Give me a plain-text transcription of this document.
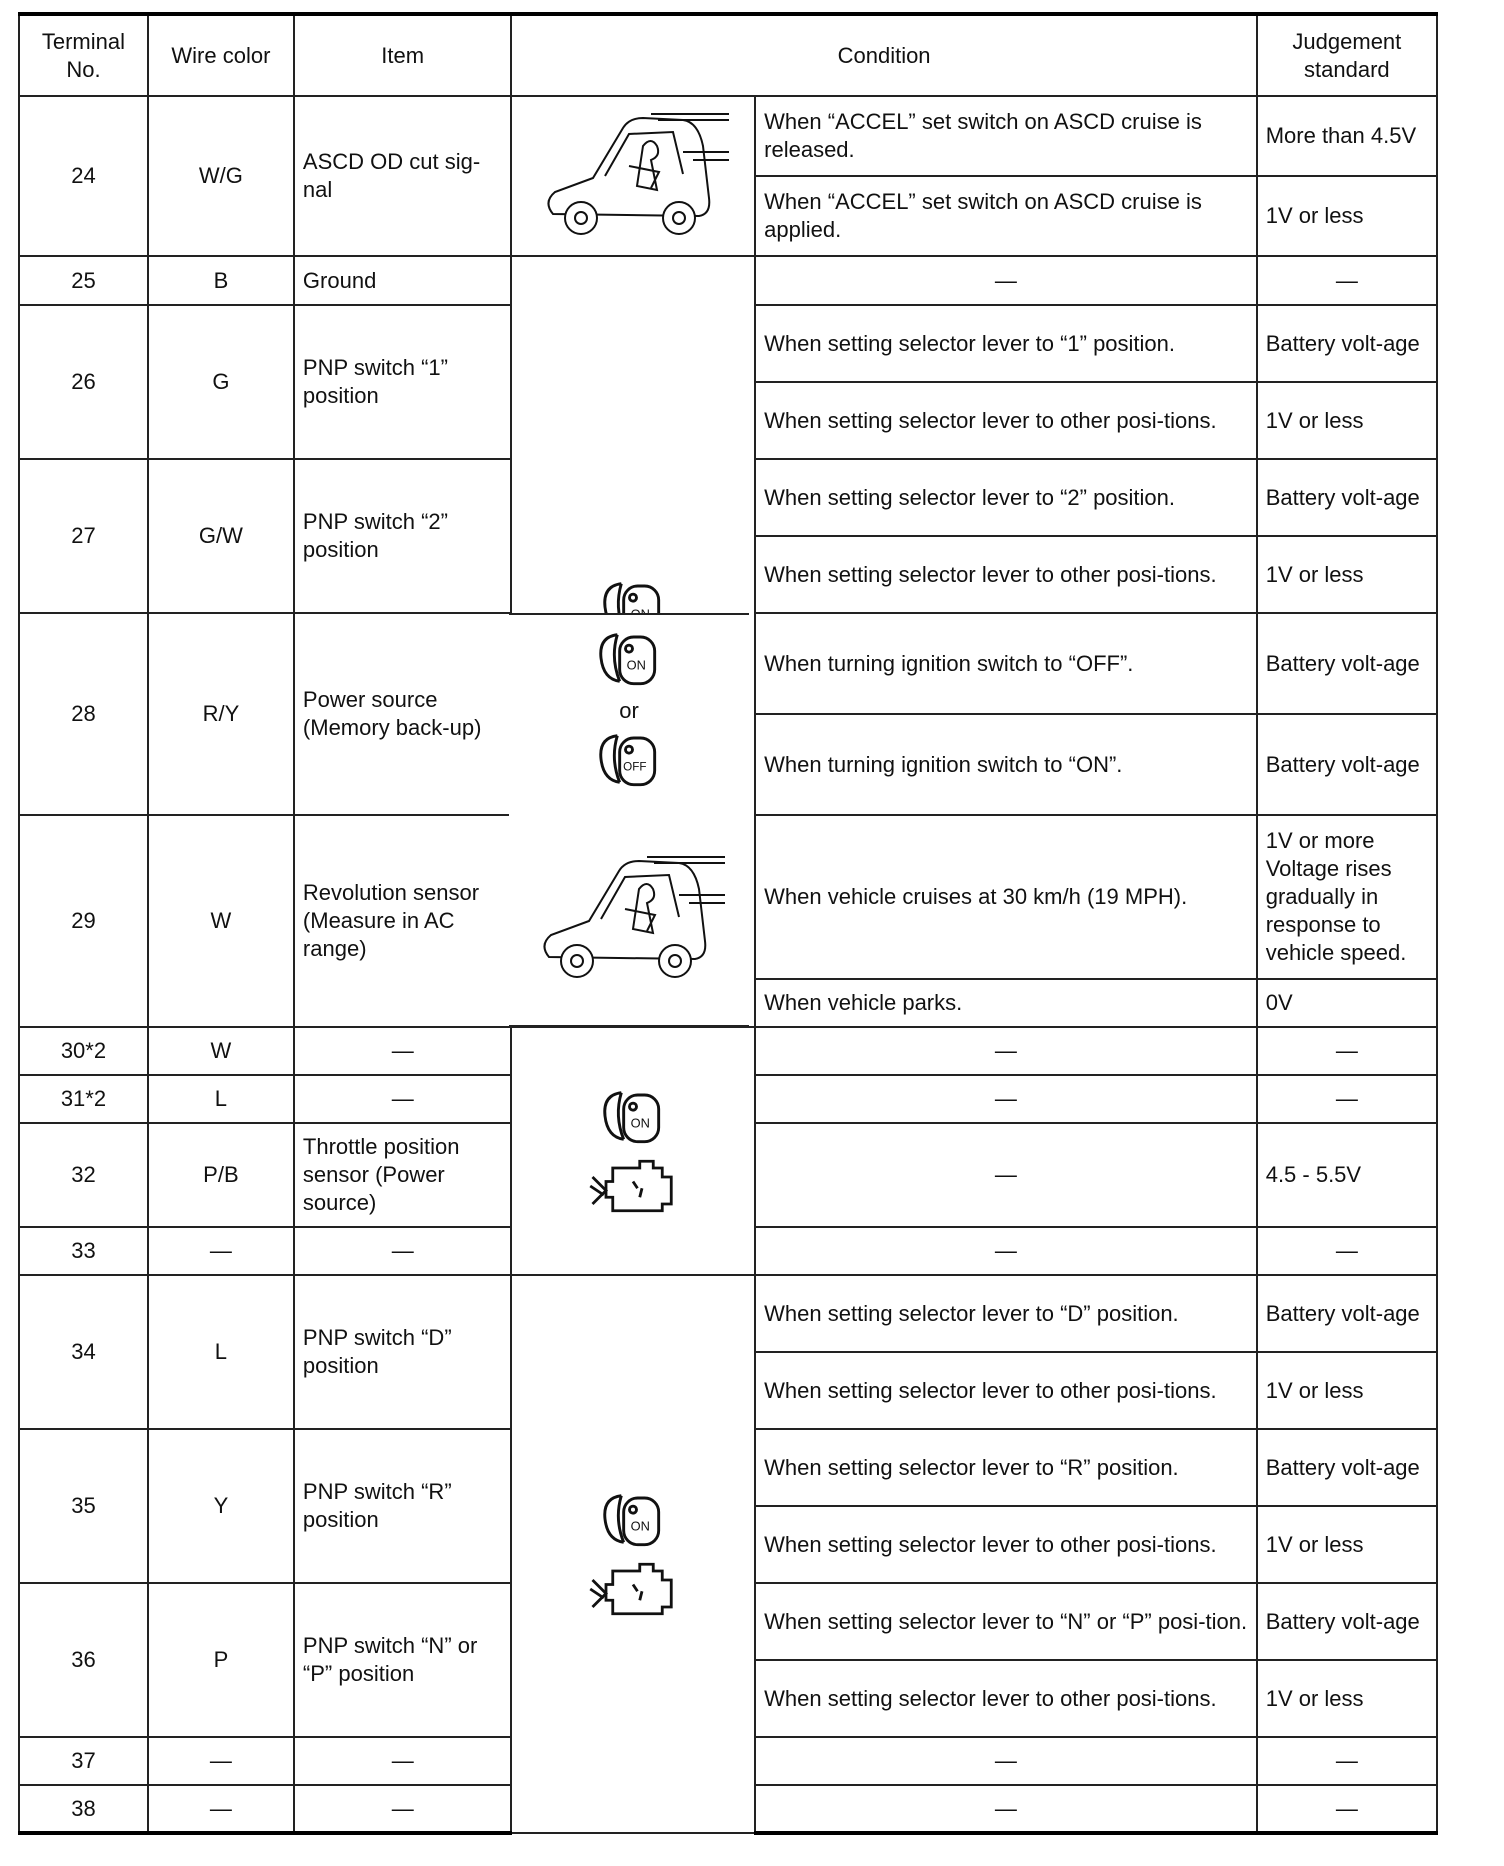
Terminal No.	Wire color	Item	Condition		Judgement standard
24	W/G	ASCD OD cut sig-nal		When “ACCEL” set switch on ASCD cruise is released.	More than 4.5V
				When “ACCEL” set switch on ASCD cruise is applied.	1V or less
25	B	Ground		—	—
26	G	PNP switch “1” position		When setting selector lever to “1” position.	Battery volt-age
				When setting selector lever to other posi-tions.	1V or less
27	G/W	PNP switch “2” position		When setting selector lever to “2” position.	Battery volt-age
				When setting selector lever to other posi-tions.	1V or less
28	R/Y	Power source (Memory back-up)		When turning ignition switch to “OFF”.	Battery volt-age
				When turning ignition switch to “ON”.	Battery volt-age
29	W	Revolution sensor (Measure in AC range)		When vehicle cruises at 30 km/h (19 MPH).	1V or more Voltage rises gradually in response to vehicle speed.
				When vehicle parks.	0V
30*2	W	—		—	—
31*2	L	—		—	—
32	P/B	Throttle position sensor (Power source)		—	4.5 - 5.5V
33	—	—		—	—
34	L	PNP switch “D” position		When setting selector lever to “D” position.	Battery volt-age
				When setting selector lever to other posi-tions.	1V or less
35	Y	PNP switch “R” position		When setting selector lever to “R” position.	Battery volt-age
				When setting selector lever to other posi-tions.	1V or less
36	P	PNP switch “N” or “P” position		When setting selector lever to “N” or “P” posi-tion.	Battery volt-age
				When setting selector lever to other posi-tions.	1V or less
37	—	—		—	—
38	—	—		—	—
or
